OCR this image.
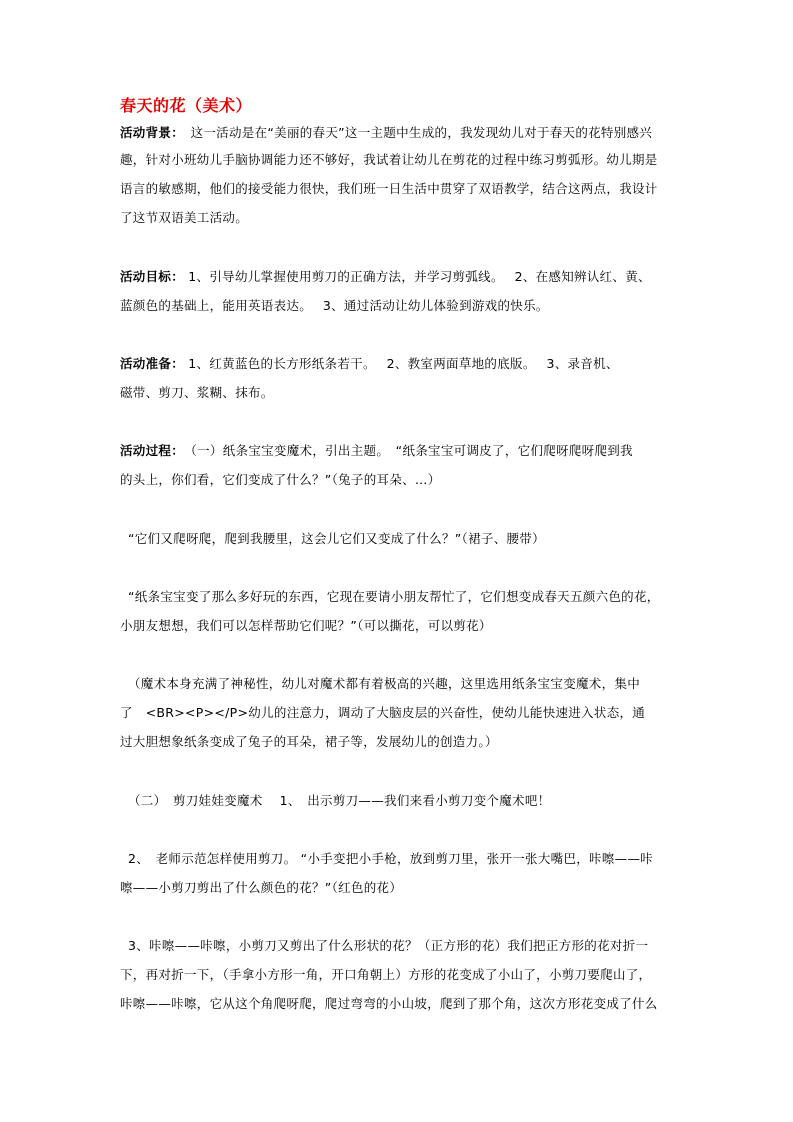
春天的花（美术）
活动背景：　这一活动是在“美丽的春天”这一主题中生成的，我发现幼儿对于春天的花特别感兴
趣，针对小班幼儿手脑协调能力还不够好，我试着让幼儿在剪花的过程中练习剪弧形。幼儿期是
语言的敏感期，他们的接受能力很快，我们班一日生活中贯穿了双语教学，结合这两点，我设计
了这节双语美工活动。
活动目标： 1、引导幼儿掌握使用剪刀的正确方法，并学习剪弧线。　 2、在感知辨认红、黄、
蓝颜色的基础上，能用英语表达。　 3、通过活动让幼儿体验到游戏的快乐。
活动准备： 1、红黄蓝色的长方形纸条若干。　 2、教室两面草地的底版。　 3、录音机、
磁带、剪刀、浆糊、抹布。
活动过程：　（一）纸条宝宝变魔术，引出主题。　“纸条宝宝可调皮了，它们爬呀爬呀爬到我
的头上，你们看，它们变成了什么？”（兔子的耳朵、…）
“它们又爬呀爬，爬到我腰里，这会儿它们又变成了什么？”（裙子、腰带）
“纸条宝宝变了那么多好玩的东西，它现在要请小朋友帮忙了，它们想变成春天五颜六色的花，
小朋友想想，我们可以怎样帮助它们呢？”（可以撕花，可以剪花）
（魔术本身充满了神秘性，幼儿对魔术都有着极高的兴趣，这里选用纸条宝宝变魔术，集中
了　<BR><P></P>幼儿的注意力，调动了大脑皮层的兴奋性，使幼儿能快速进入状态，通
过大胆想象纸条变成了兔子的耳朵，裙子等，发展幼儿的创造力。）
（二）　剪刀娃娃变魔术　 1、　出示剪刀——我们来看小剪刀变个魔术吧！
2、　老师示范怎样使用剪刀。 “小手变把小手枪，放到剪刀里，张开一张大嘴巴，咔嚓——咔
嚓——小剪刀剪出了什么颜色的花？”（红色的花）
3、咔嚓——咔嚓，小剪刀又剪出了什么形状的花？（正方形的花）我们把正方形的花对折一
下，再对折一下，（手拿小方形一角，开口角朝上）方形的花变成了小山了，小剪刀要爬山了，
咔嚓——咔嚓，它从这个角爬呀爬，爬过弯弯的小山坡，爬到了那个角，这次方形花变成了什么
